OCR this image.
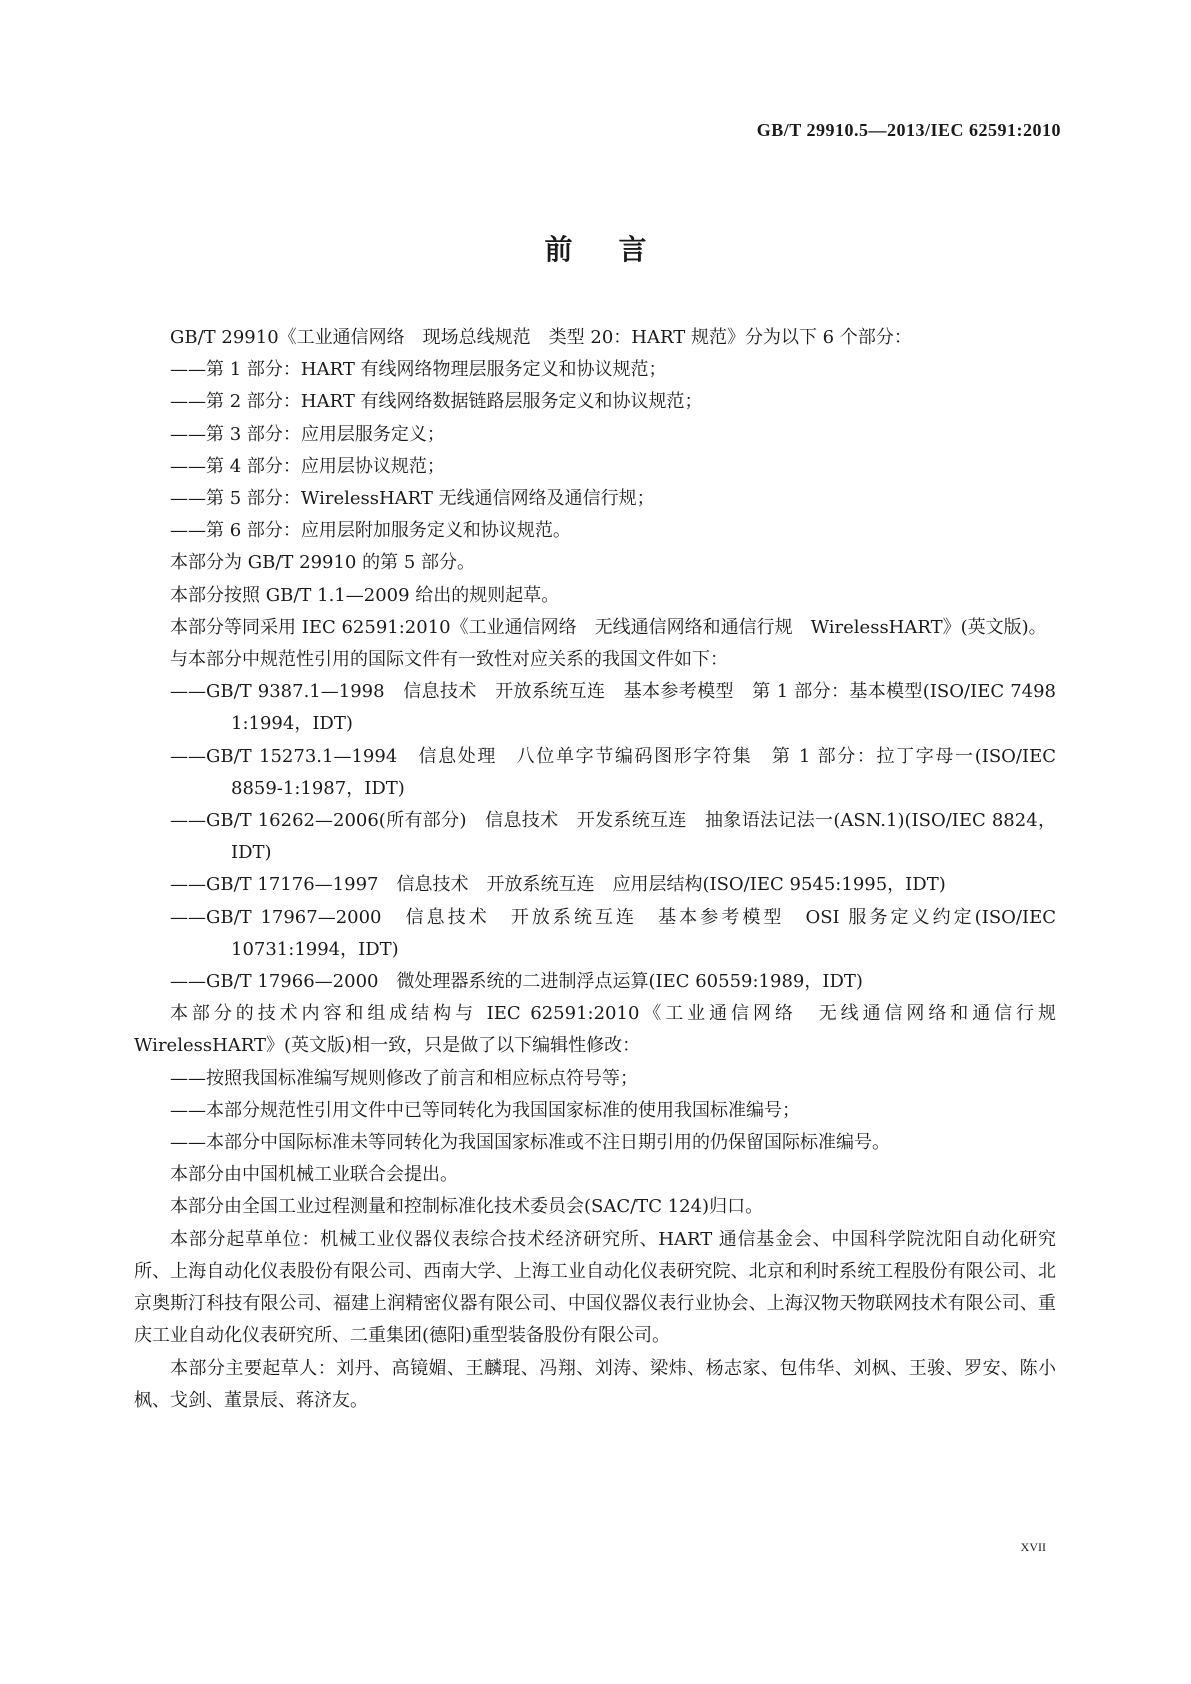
GB/T 29910.5—2013/IEC 62591:2010
前言

GB/T 29910《工业通信网络　现场总线规范　类型 20：HART 规范》分为以下 6 个部分：

——第 1 部分：HART 有线网络物理层服务定义和协议规范；

——第 2 部分：HART 有线网络数据链路层服务定义和协议规范；

——第 3 部分：应用层服务定义；

——第 4 部分：应用层协议规范；

——第 5 部分：WirelessHART 无线通信网络及通信行规；

——第 6 部分：应用层附加服务定义和协议规范。

本部分为 GB/T 29910 的第 5 部分。

本部分按照 GB/T 1.1—2009 给出的规则起草。

本部分等同采用 IEC 62591:2010《工业通信网络　无线通信网络和通信行规　WirelessHART》(英文版)。

与本部分中规范性引用的国际文件有一致性对应关系的我国文件如下：

——GB/T 9387.1—1998　信息技术　开放系统互连　基本参考模型　第 1 部分：基本模型(ISO/IEC 7498 1:1994，IDT)

——GB/T 15273.1—1994　信息处理　八位单字节编码图形字符集　第 1 部分：拉丁字母一(ISO/IEC 8859-1:1987，IDT)

——GB/T 16262—2006(所有部分)　信息技术　开发系统互连　抽象语法记法一(ASN.1)(ISO/IEC 8824，IDT)

——GB/T 17176—1997　信息技术　开放系统互连　应用层结构(ISO/IEC 9545:1995，IDT)

——GB/T 17967—2000　信息技术　开放系统互连　基本参考模型　OSI 服务定义约定(ISO/IEC 10731:1994，IDT)

——GB/T 17966—2000　微处理器系统的二进制浮点运算(IEC 60559:1989，IDT)

本部分的技术内容和组成结构与 IEC 62591:2010《工业通信网络　无线通信网络和通信行规 WirelessHART》(英文版)相一致，只是做了以下编辑性修改：

——按照我国标准编写规则修改了前言和相应标点符号等；

——本部分规范性引用文件中已等同转化为我国国家标准的使用我国标准编号；

——本部分中国际标准未等同转化为我国国家标准或不注日期引用的仍保留国际标准编号。

本部分由中国机械工业联合会提出。

本部分由全国工业过程测量和控制标准化技术委员会(SAC/TC 124)归口。

本部分起草单位：机械工业仪器仪表综合技术经济研究所、HART 通信基金会、中国科学院沈阳自动化研究所、上海自动化仪表股份有限公司、西南大学、上海工业自动化仪表研究院、北京和利时系统工程股份有限公司、北京奥斯汀科技有限公司、福建上润精密仪器有限公司、中国仪器仪表行业协会、上海汉物天物联网技术有限公司、重庆工业自动化仪表研究所、二重集团(德阳)重型装备股份有限公司。

本部分主要起草人：刘丹、高镜媚、王麟琨、冯翔、刘涛、梁炜、杨志家、包伟华、刘枫、王骏、罗安、陈小枫、戈剑、董景辰、蒋济友。

XVII
